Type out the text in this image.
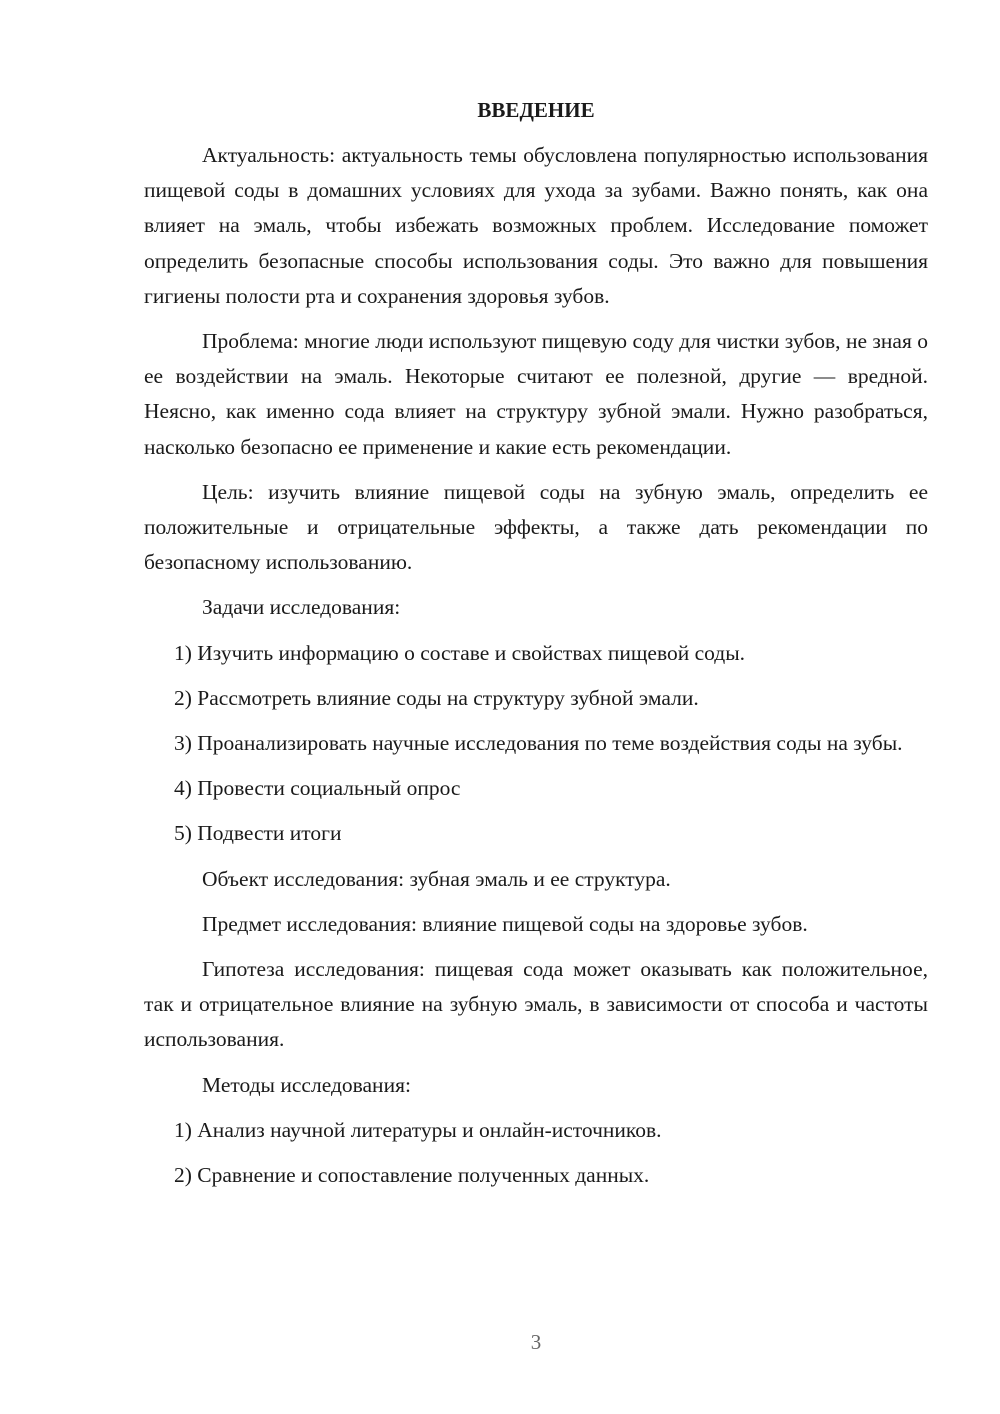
ВВЕДЕНИЕ

Актуальность: актуальность темы обусловлена популярностью использования пищевой соды в домашних условиях для ухода за зубами. Важно понять, как она влияет на эмаль, чтобы избежать возможных проблем. Исследование поможет определить безопасные способы использования соды. Это важно для повышения гигиены полости рта и сохранения здоровья зубов.

Проблема: многие люди используют пищевую соду для чистки зубов, не зная о ее воздействии на эмаль. Некоторые считают ее полезной, другие — вредной. Неясно, как именно сода влияет на структуру зубной эмали. Нужно разобраться, насколько безопасно ее применение и какие есть рекомендации.

Цель: изучить влияние пищевой соды на зубную эмаль, определить ее положительные и отрицательные эффекты, а также дать рекомендации по безопасному использованию.

Задачи исследования:

1) Изучить информацию о составе и свойствах пищевой соды.

2) Рассмотреть влияние соды на структуру зубной эмали.

3) Проанализировать научные исследования по теме воздействия соды на зубы.

4) Провести социальный опрос

5) Подвести итоги

Объект исследования: зубная эмаль и ее структура.

Предмет исследования: влияние пищевой соды на здоровье зубов.

Гипотеза исследования: пищевая сода может оказывать как положительное, так и отрицательное влияние на зубную эмаль, в зависимости от способа и частоты использования.

Методы исследования:

1) Анализ научной литературы и онлайн-источников.

2) Сравнение и сопоставление полученных данных.

3
